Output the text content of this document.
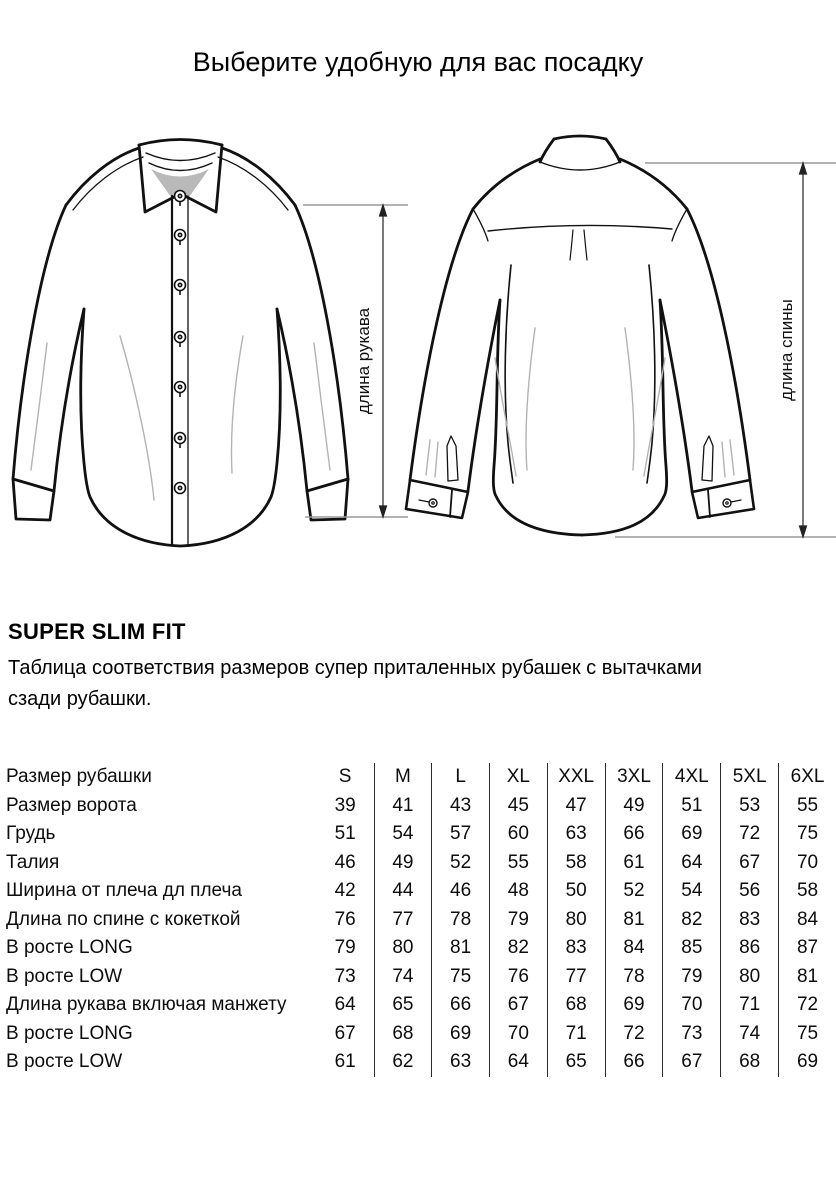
Выберите удобную для вас посадку
длина рукава	длина спины
SUPER SLIM FIT
Таблица соответствия размеров супер приталенных рубашек с вытачками
сзади рубашки.
Размер рубашки	S	M	L	XL	XXL	3XL	4XL	5XL	6XL
Размер ворота	39	41	43	45	47	49	51	53	55
Грудь	51	54	57	60	63	66	69	72	75
Талия	46	49	52	55	58	61	64	67	70
Ширина от плеча дл плеча	42	44	46	48	50	52	54	56	58
Длина по спине с кокеткой	76	77	78	79	80	81	82	83	84
В росте LONG	79	80	81	82	83	84	85	86	87
В росте LOW	73	74	75	76	77	78	79	80	81
Длина рукава включая манжету	64	65	66	67	68	69	70	71	72
В росте LONG	67	68	69	70	71	72	73	74	75
В росте LOW	61	62	63	64	65	66	67	68	69
